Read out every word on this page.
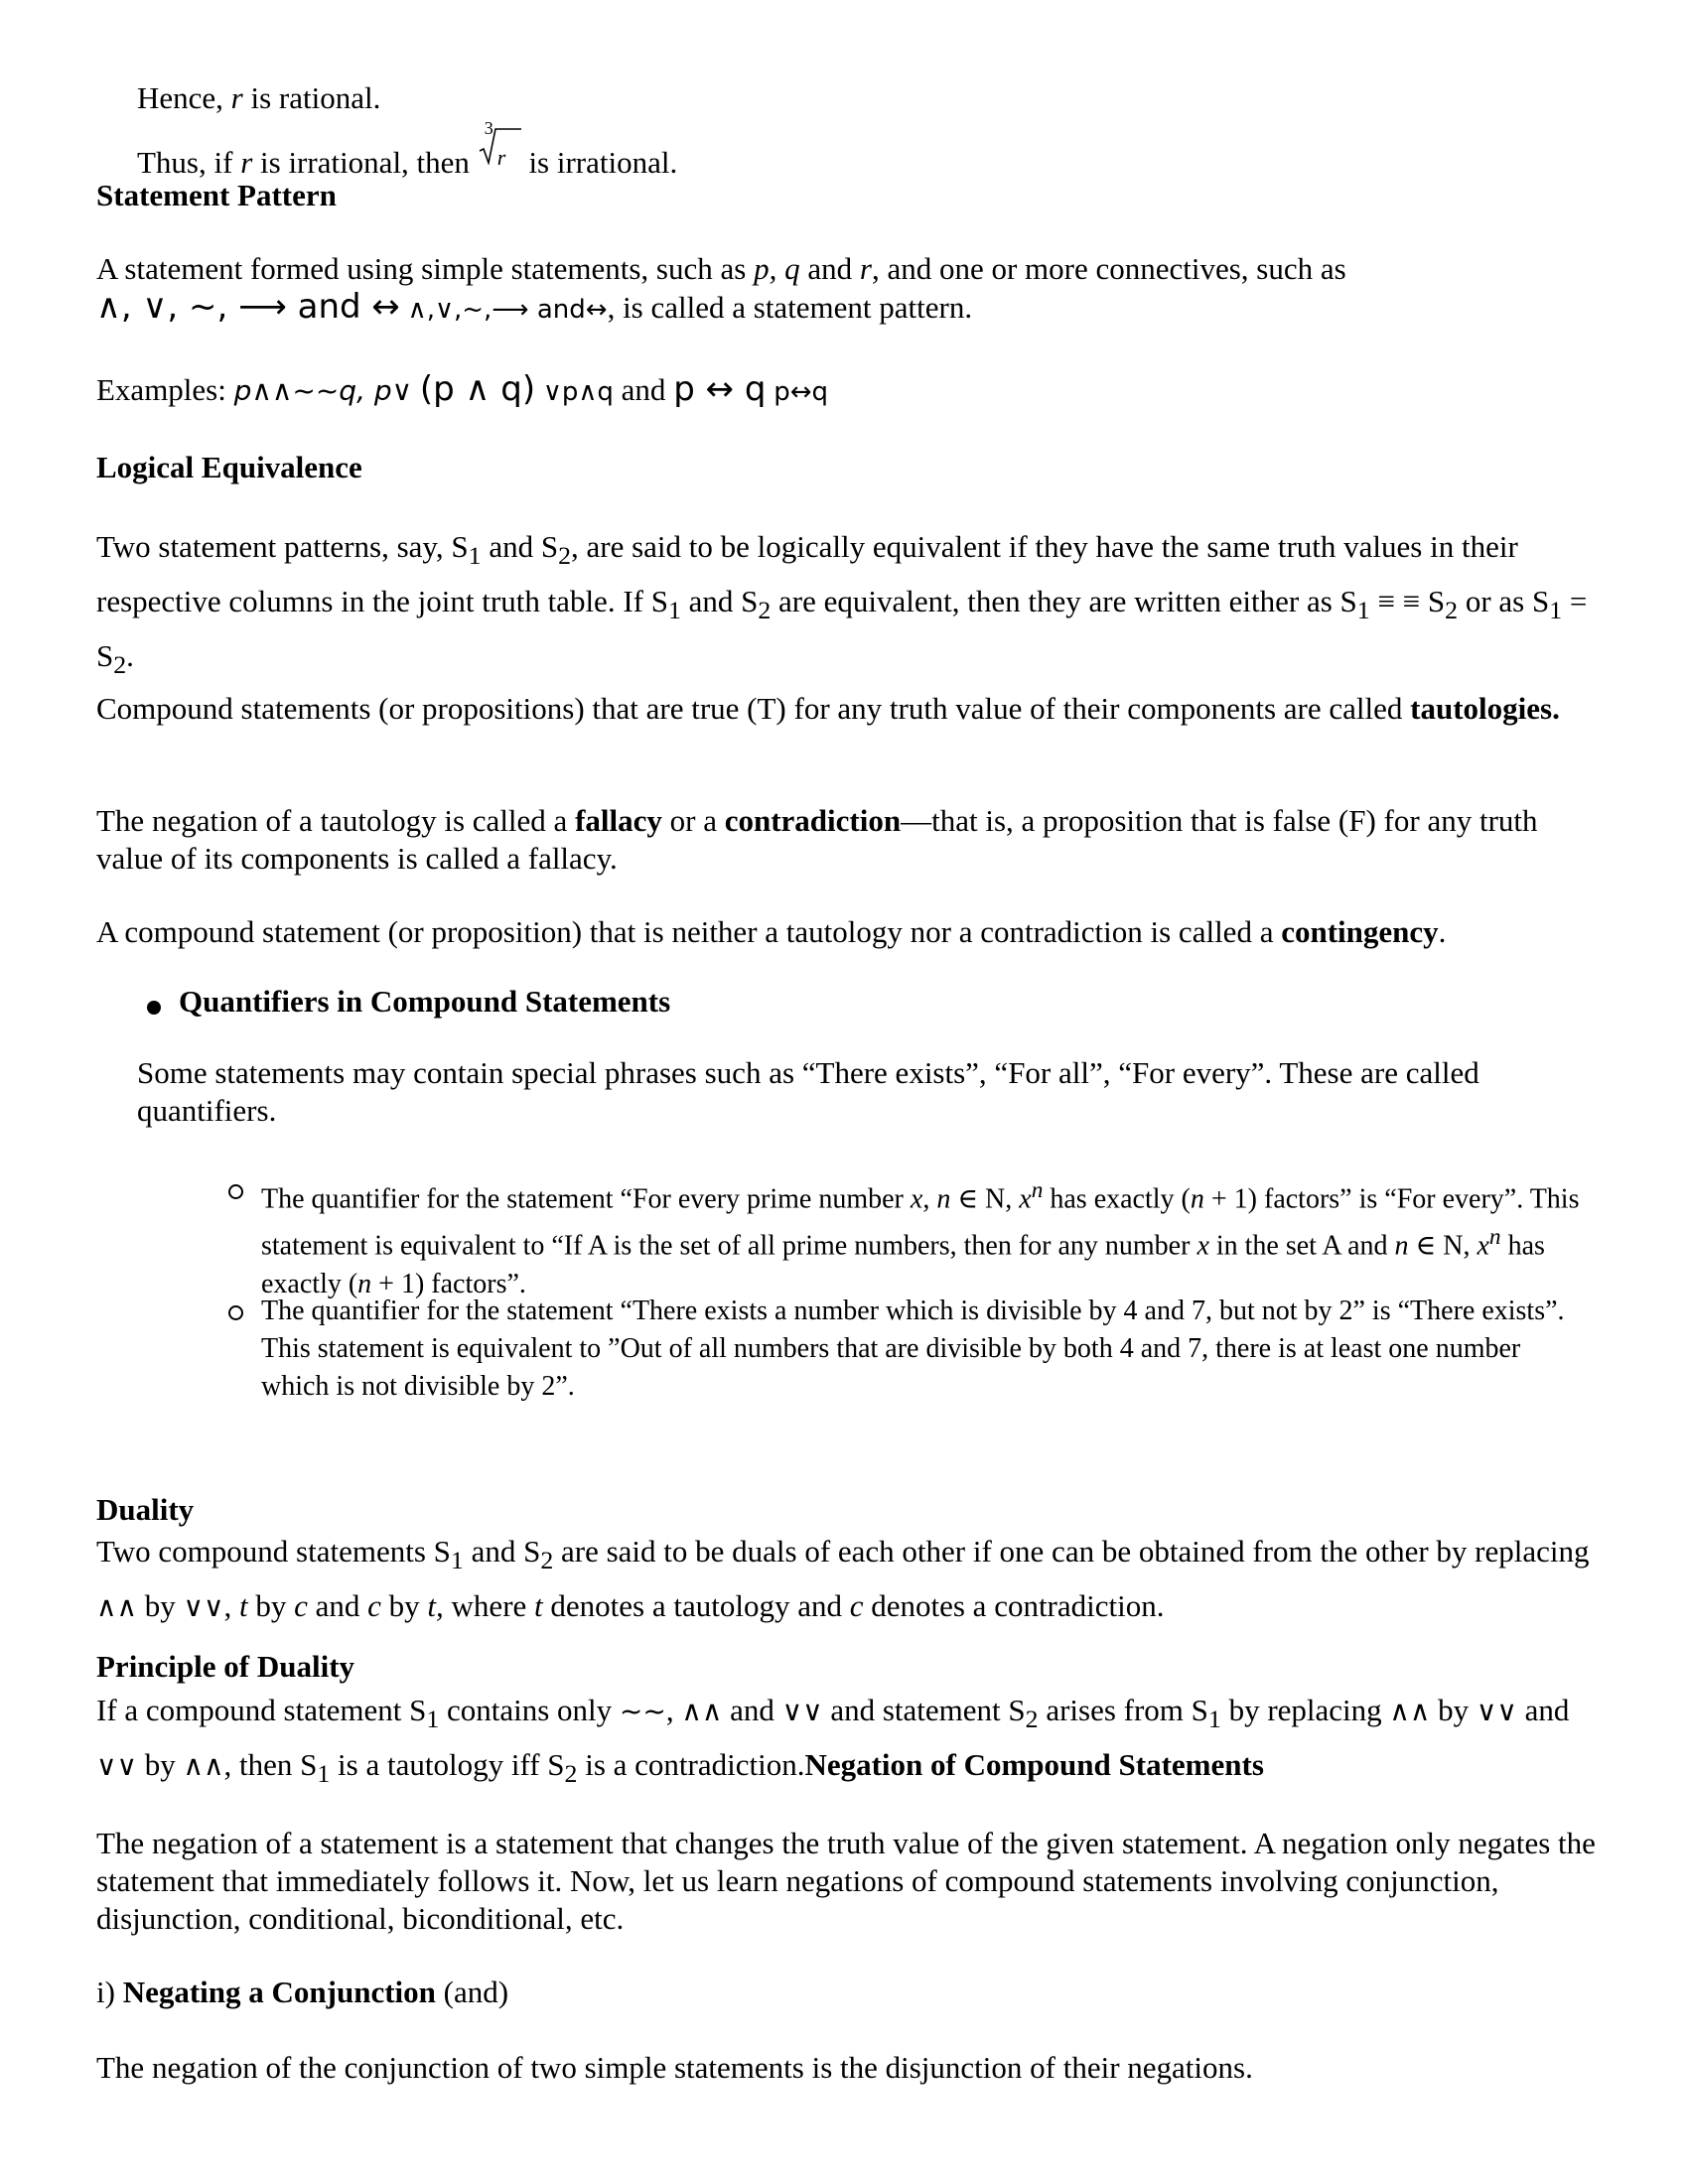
Hence, r is rational.

Thus, if r is irrational, then
3
r is irrational.

Statement Pattern

A statement formed using simple statements, such as p, q and r, and one or more connectives, such as
∧, ∨, ~, ⟶ and ↔ ∧,∨,~,⟶ and↔, is called a statement pattern.

Examples: p∧∧~~q, p∨ (p ∧ q) ∨p∧q and p ↔ q p↔q

Logical Equivalence

Two statement patterns, say, $S_1$ and $S_2$, are said to be logically equivalent if they have the same truth values in their respective columns in the joint truth table. If $S_1$ and $S_2$ are equivalent, then they are written either as $S_1$ ≡ ≡ $S_2$ or as $S_1 = S_2$.

Compound statements (or propositions) that are true (T) for any truth value of their components are called tautologies.

The negation of a tautology is called a fallacy or a contradiction—that is, a proposition that is false (F) for any truth value of its components is called a fallacy.

A compound statement (or proposition) that is neither a tautology nor a contradiction is called a contingency.

Quantifiers in Compound Statements

Some statements may contain special phrases such as “There exists”, “For all”, “For every”. These are called quantifiers.

The quantifier for the statement “For every prime number x, n ∈ N, $x^n$ has exactly (n + 1) factors” is “For every”. This statement is equivalent to “If A is the set of all prime numbers, then for any number x in the set A and n ∈ N, $x^n$ has exactly (n + 1) factors”.

The quantifier for the statement “There exists a number which is divisible by 4 and 7, but not by 2” is “There exists”. This statement is equivalent to ”Out of all numbers that are divisible by both 4 and 7, there is at least one number which is not divisible by 2”.

Duality

Two compound statements $S_1$ and $S_2$ are said to be duals of each other if one can be obtained from the other by replacing ∧∧ by ∨∨, t by c and c by t, where t denotes a tautology and c denotes a contradiction.

Principle of Duality

If a compound statement $S_1$ contains only ~~, ∧∧ and ∨∨ and statement $S_2$ arises from $S_1$ by replacing ∧∧ by ∨∨ and ∨∨ by ∧∧, then $S_1$ is a tautology iff $S_2$ is a contradiction.Negation of Compound Statements

The negation of a statement is a statement that changes the truth value of the given statement. A negation only negates the statement that immediately follows it. Now, let us learn negations of compound statements involving conjunction, disjunction, conditional, biconditional, etc.

i) Negating a Conjunction (and)

The negation of the conjunction of two simple statements is the disjunction of their negations.
